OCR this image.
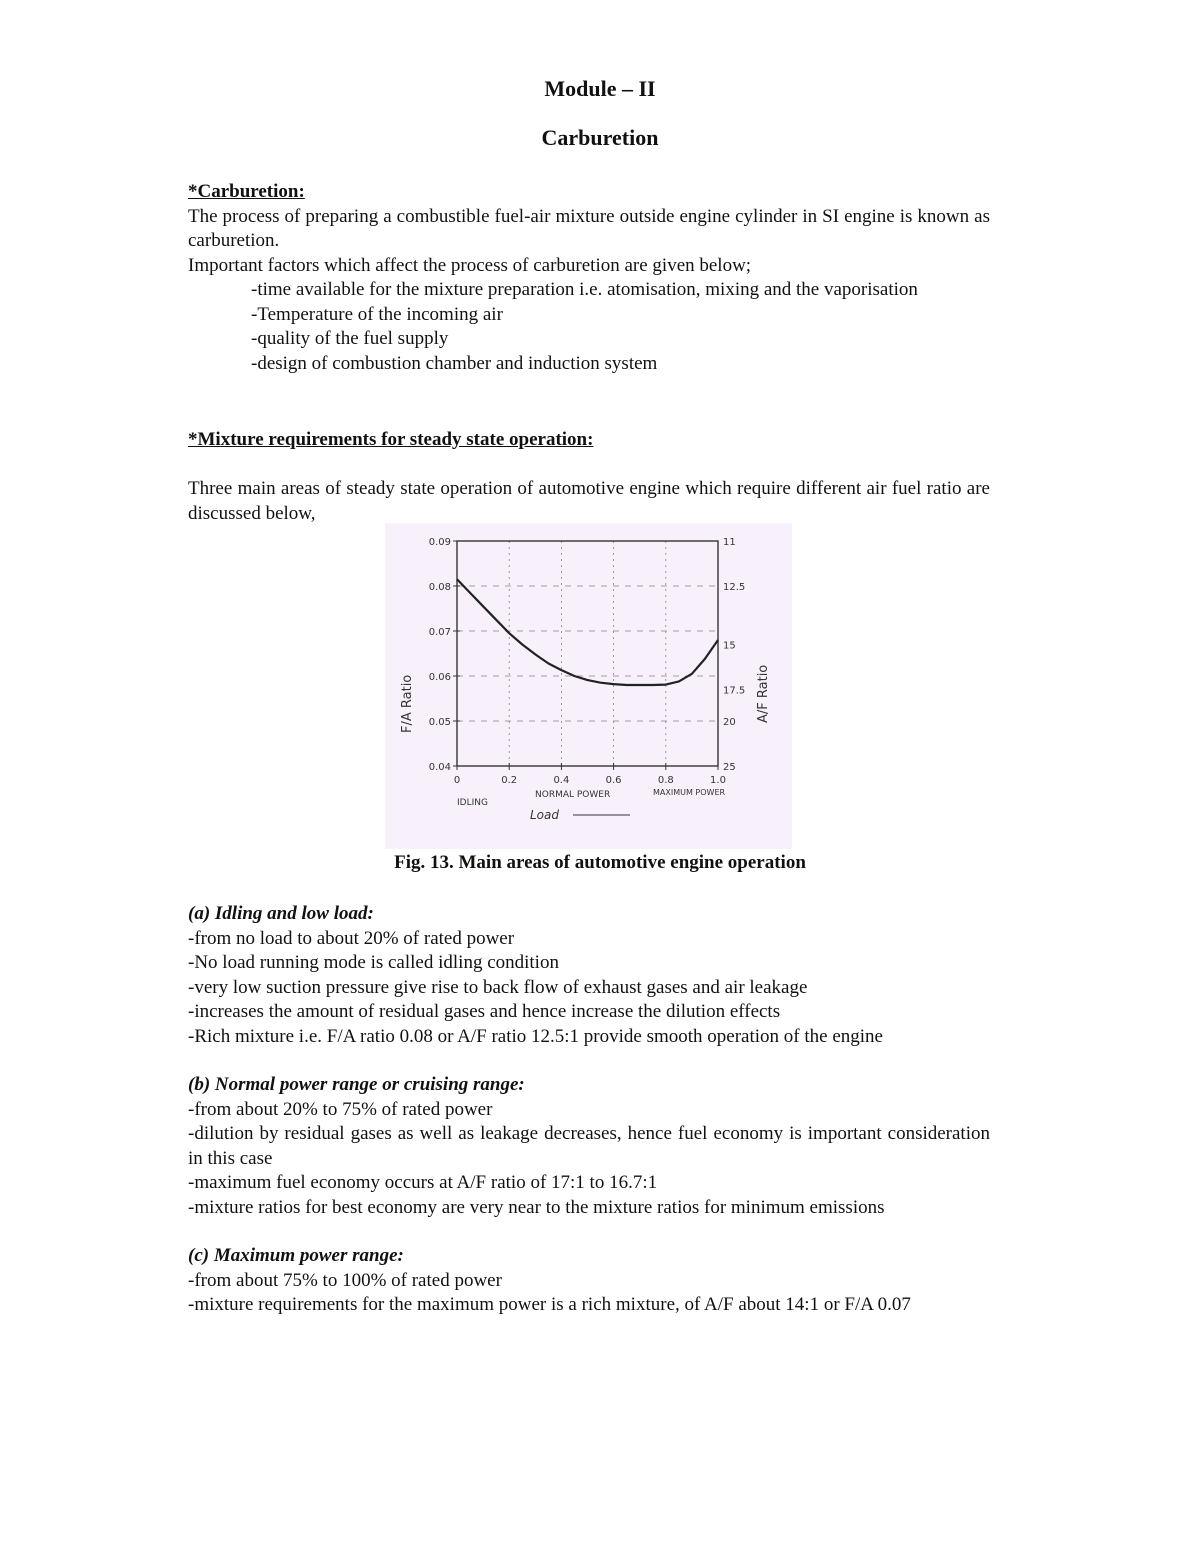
Module – II
Carburetion
*Carburetion:

The process of preparing a combustible fuel-air mixture outside engine cylinder in SI engine is known as carburetion.

Important factors which affect the process of carburetion are given below;

-time available for the mixture preparation i.e. atomisation, mixing and the vaporisation

-Temperature of the incoming air

-quality of the fuel supply

-design of combustion chamber and induction system

*Mixture requirements for steady state operation:
Three main areas of steady state operation of automotive engine which require different air fuel ratio are discussed below,
0.04
0.05
0.06
0.07
0.08
0.09	11
12.5
15
17.5
20
25
0	0.2	0.4	0.6	0.8	1.0
F/A Ratio	A/F Ratio
Load
IDLING
NORMAL POWER	MAXIMUM POWER
Fig. 13. Main areas of automotive engine operation
(a) Idling and low load:

-from no load to about 20% of rated power

-No load running mode is called idling condition

-very low suction pressure give rise to back flow of exhaust gases and air leakage

-increases the amount of residual gases and hence increase the dilution effects

-Rich mixture i.e. F/A ratio 0.08 or A/F ratio 12.5:1 provide smooth operation of the engine

(b) Normal power range or cruising range:

-from about 20% to 75% of rated power

-dilution by residual gases as well as leakage decreases, hence fuel economy is important consideration in this case

-maximum fuel economy occurs at A/F ratio of 17:1 to 16.7:1

-mixture ratios for best economy are very near to the mixture ratios for minimum emissions

(c) Maximum power range:

-from about 75% to 100% of rated power

-mixture requirements for the maximum power is a rich mixture, of A/F about 14:1 or F/A 0.07
